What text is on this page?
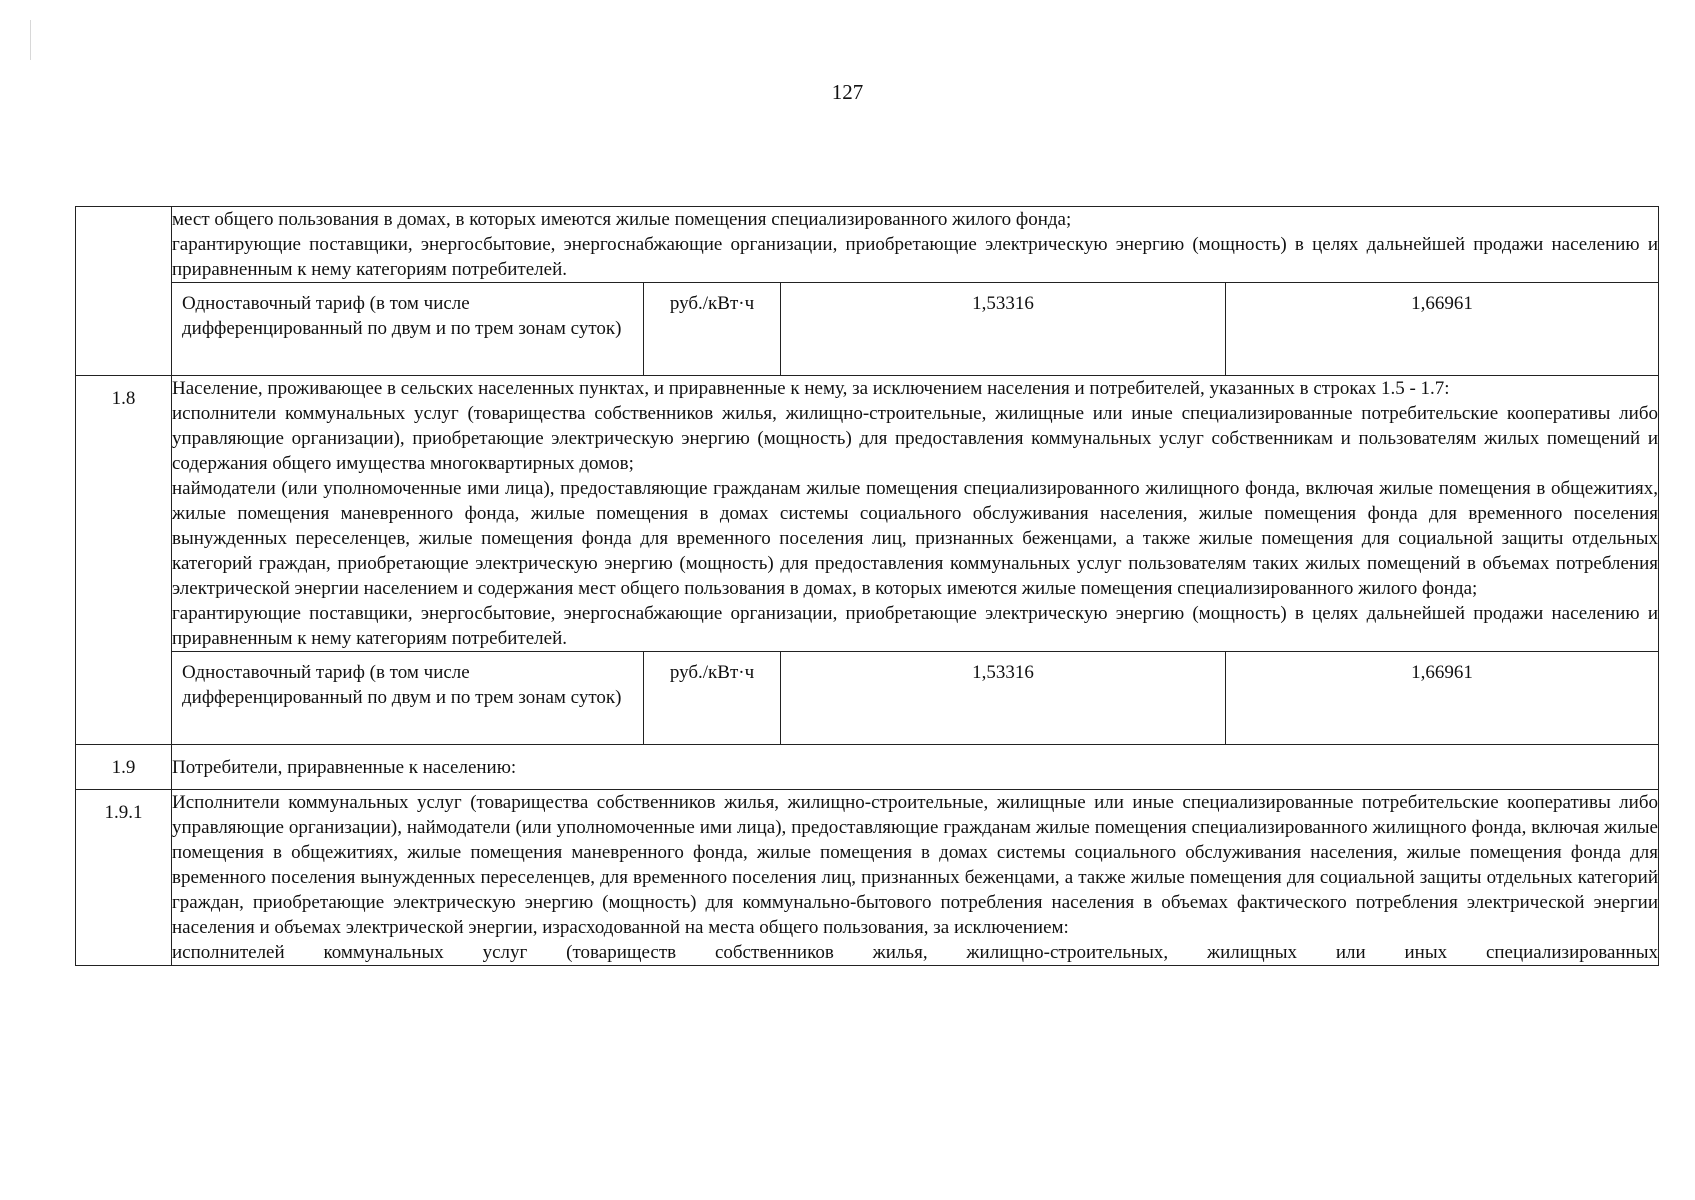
127

мест общего пользования в домах, в которых имеются жилые помещения специализированного жилого фонда;

гарантирующие поставщики, энергосбытовие, энергоснабжающие организации, приобретающие электрическую энергию (мощность) в целях дальнейшей продажи населению и приравненным к нему категориям потребителей.

Одноставочный тариф (в том числе дифференцированный по двум и по трем зонам суток)	руб./кВт·ч	1,53316	1,66961

1.8	Население, проживающее в сельских населенных пунктах, и приравненные к нему, за исключением населения и потребителей, указанных в строках 1.5 - 1.7:

исполнители коммунальных услуг (товарищества собственников жилья, жилищно-строительные, жилищные или иные специализированные потребительские кооперативы либо управляющие организации), приобретающие электрическую энергию (мощность) для предоставления коммунальных услуг собственникам и пользователям жилых помещений и содержания общего имущества многоквартирных домов;

наймодатели (или уполномоченные ими лица), предоставляющие гражданам жилые помещения специализированного жилищного фонда, включая жилые помещения в общежитиях, жилые помещения маневренного фонда, жилые помещения в домах системы социального обслуживания населения, жилые помещения фонда для временного поселения вынужденных переселенцев, жилые помещения фонда для временного поселения лиц, признанных беженцами, а также жилые помещения для социальной защиты отдельных категорий граждан, приобретающие электрическую энергию (мощность) для предоставления коммунальных услуг пользователям таких жилых помещений в объемах потребления электрической энергии населением и содержания мест общего пользования в домах, в которых имеются жилые помещения специализированного жилого фонда;

гарантирующие поставщики, энергосбытовие, энергоснабжающие организации, приобретающие электрическую энергию (мощность) в целях дальнейшей продажи населению и приравненным к нему категориям потребителей.

Одноставочный тариф (в том числе дифференцированный по двум и по трем зонам суток)	руб./кВт·ч	1,53316	1,66961

1.9	Потребители, приравненные к населению:
1.9.1	Исполнители коммунальных услуг (товарищества собственников жилья, жилищно-строительные, жилищные или иные специализированные потребительские кооперативы либо управляющие организации), наймодатели (или уполномоченные ими лица), предоставляющие гражданам жилые помещения специализированного жилищного фонда, включая жилые помещения в общежитиях, жилые помещения маневренного фонда, жилые помещения в домах системы социального обслуживания населения, жилые помещения фонда для временного поселения вынужденных переселенцев, для временного поселения лиц, признанных беженцами, а также жилые помещения для социальной защиты отдельных категорий граждан, приобретающие электрическую энергию (мощность) для коммунально-бытового потребления населения в объемах фактического потребления электрической энергии населения и объемах электрической энергии, израсходованной на места общего пользования, за исключением:

исполнителей коммунальных услуг (товариществ собственников жилья, жилищно-строительных, жилищных или иных специализированных
